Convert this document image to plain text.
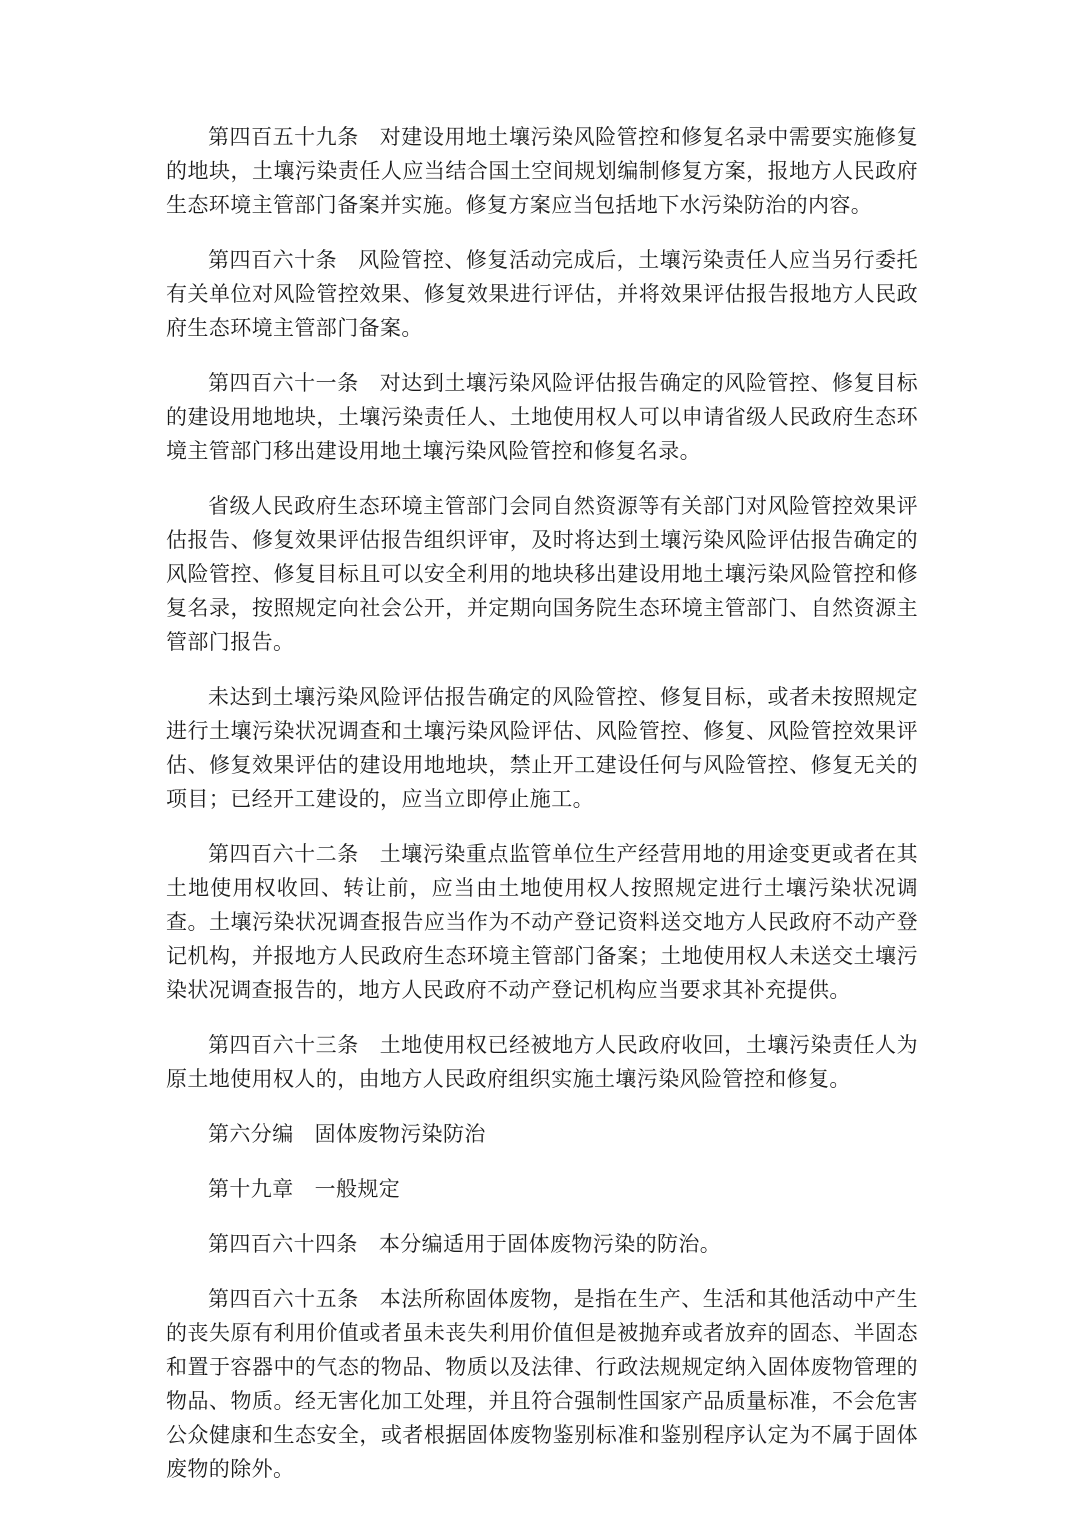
第四百五十九条 对建设用地土壤污染风险管控和修复名录中需要实施修复的地块，土壤污染责任人应当结合国土空间规划编制修复方案，报地方人民政府生态环境主管部门备案并实施。修复方案应当包括地下水污染防治的内容。

第四百六十条 风险管控、修复活动完成后，土壤污染责任人应当另行委托有关单位对风险管控效果、修复效果进行评估，并将效果评估报告报地方人民政府生态环境主管部门备案。

第四百六十一条 对达到土壤污染风险评估报告确定的风险管控、修复目标的建设用地地块，土壤污染责任人、土地使用权人可以申请省级人民政府生态环境主管部门移出建设用地土壤污染风险管控和修复名录。

省级人民政府生态环境主管部门会同自然资源等有关部门对风险管控效果评估报告、修复效果评估报告组织评审，及时将达到土壤污染风险评估报告确定的风险管控、修复目标且可以安全利用的地块移出建设用地土壤污染风险管控和修复名录，按照规定向社会公开，并定期向国务院生态环境主管部门、自然资源主管部门报告。

未达到土壤污染风险评估报告确定的风险管控、修复目标，或者未按照规定进行土壤污染状况调查和土壤污染风险评估、风险管控、修复、风险管控效果评估、修复效果评估的建设用地地块，禁止开工建设任何与风险管控、修复无关的项目；已经开工建设的，应当立即停止施工。

第四百六十二条 土壤污染重点监管单位生产经营用地的用途变更或者在其土地使用权收回、转让前，应当由土地使用权人按照规定进行土壤污染状况调查。土壤污染状况调查报告应当作为不动产登记资料送交地方人民政府不动产登记机构，并报地方人民政府生态环境主管部门备案；土地使用权人未送交土壤污染状况调查报告的，地方人民政府不动产登记机构应当要求其补充提供。

第四百六十三条 土地使用权已经被地方人民政府收回，土壤污染责任人为原土地使用权人的，由地方人民政府组织实施土壤污染风险管控和修复。

第六分编 固体废物污染防治

第十九章 一般规定

第四百六十四条 本分编适用于固体废物污染的防治。

第四百六十五条 本法所称固体废物，是指在生产、生活和其他活动中产生的丧失原有利用价值或者虽未丧失利用价值但是被抛弃或者放弃的固态、半固态和置于容器中的气态的物品、物质以及法律、行政法规规定纳入固体废物管理的物品、物质。经无害化加工处理，并且符合强制性国家产品质量标准，不会危害公众健康和生态安全，或者根据固体废物鉴别标准和鉴别程序认定为不属于固体废物的除外。
